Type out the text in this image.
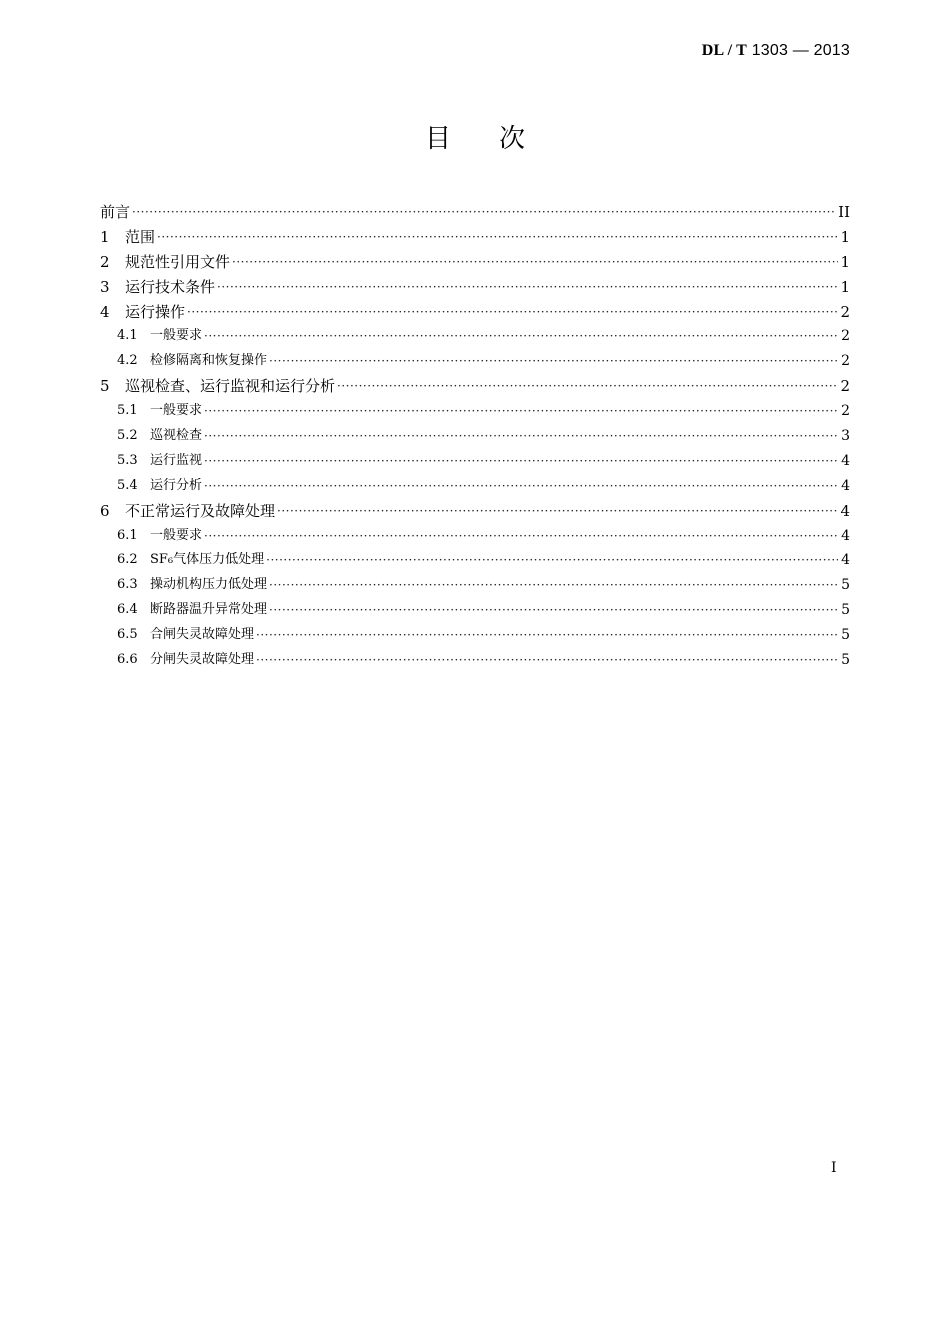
DL / T 1303 — 2013
目次
前言 ·····	II
1	范围 ·····	1
2	规范性引用文件 ·····	1
3	运行技术条件 ·····	1
4	运行操作 ·····	2
4.1 一般要求 ·····	2
4.2 检修隔离和恢复操作 ·····	2
5	巡视检查、运行监视和运行分析 ·····	2
5.1 一般要求 ·····	2
5.2 巡视检查 ·····	3
5.3 运行监视 ·····	4
5.4 运行分析 ·····	4
6	不正常运行及故障处理 ·····	4
6.1 一般要求 ·····	4
6.2 SF₆气体压力低处理 ·····	4
6.3 操动机构压力低处理 ·····	5
6.4 断路器温升异常处理 ·····	5
6.5 合闸失灵故障处理 ·····	5
6.6 分闸失灵故障处理 ·····	5
I
